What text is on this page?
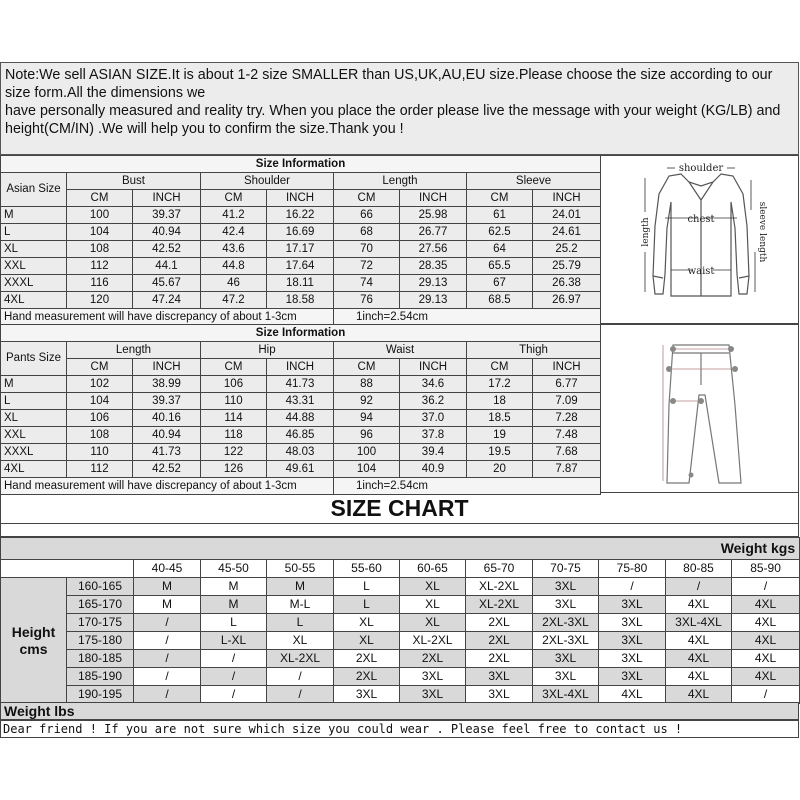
Note:We sell ASIAN SIZE.It is about 1-2 size SMALLER than US,UK,AU,EU size.Please choose the size according to our size form.All the dimensions we

have personally measured and reality try. When you place the order please live the message with your weight (KG/LB) and height(CM/IN) .We will help you to confirm the size.Thank you !

Size Information								
Asian Size	Bust		Shoulder		Length		Sleeve	
	CM	INCH	CM	INCH	CM	INCH	CM	INCH
M	100	39.37	41.2	16.22	66	25.98	61	24.01
L	104	40.94	42.4	16.69	68	26.77	62.5	24.61
XL	108	42.52	43.6	17.17	70	27.56	64	25.2
XXL	112	44.1	44.8	17.64	72	28.35	65.5	25.79
XXXL	116	45.67	46	18.11	74	29.13	67	26.38
4XL	120	47.24	47.2	18.58	76	29.13	68.5	26.97
Hand measurement will have discrepancy of about 1-3cm					1inch=2.54cm			
shoulder
chest
waist
length	sleeve length
Size Information								
Pants Size	Length		Hip		Waist		Thigh	
	CM	INCH	CM	INCH	CM	INCH	CM	INCH
M	102	38.99	106	41.73	88	34.6	17.2	6.77
L	104	39.37	110	43.31	92	36.2	18	7.09
XL	106	40.16	114	44.88	94	37.0	18.5	7.28
XXL	108	40.94	118	46.85	96	37.8	19	7.48
XXXL	110	41.73	122	48.03	100	39.4	19.5	7.68
4XL	112	42.52	126	49.61	104	40.9	20	7.87
Hand measurement will have discrepancy of about 1-3cm					1inch=2.54cm			
SIZE CHART
Weight kgs											
		40-45	45-50	50-55	55-60	60-65	65-70	70-75	75-80	80-85	85-90
Height cms	160-165	M	M	M	L	XL	XL-2XL	3XL	/	/	/
	165-170	M	M	M-L	L	XL	XL-2XL	3XL	3XL	4XL	4XL
	170-175	/	L	L	XL	XL	2XL	2XL-3XL	3XL	3XL-4XL	4XL
	175-180	/	L-XL	XL	XL	XL-2XL	2XL	2XL-3XL	3XL	4XL	4XL
	180-185	/	/	XL-2XL	2XL	2XL	2XL	3XL	3XL	4XL	4XL
	185-190	/	/	/	2XL	3XL	3XL	3XL	3XL	4XL	4XL
	190-195	/	/	/	3XL	3XL	3XL	3XL-4XL	4XL	4XL	/
Weight lbs
Dear friend ! If you are not sure which size you could wear . Please feel free to contact us !
